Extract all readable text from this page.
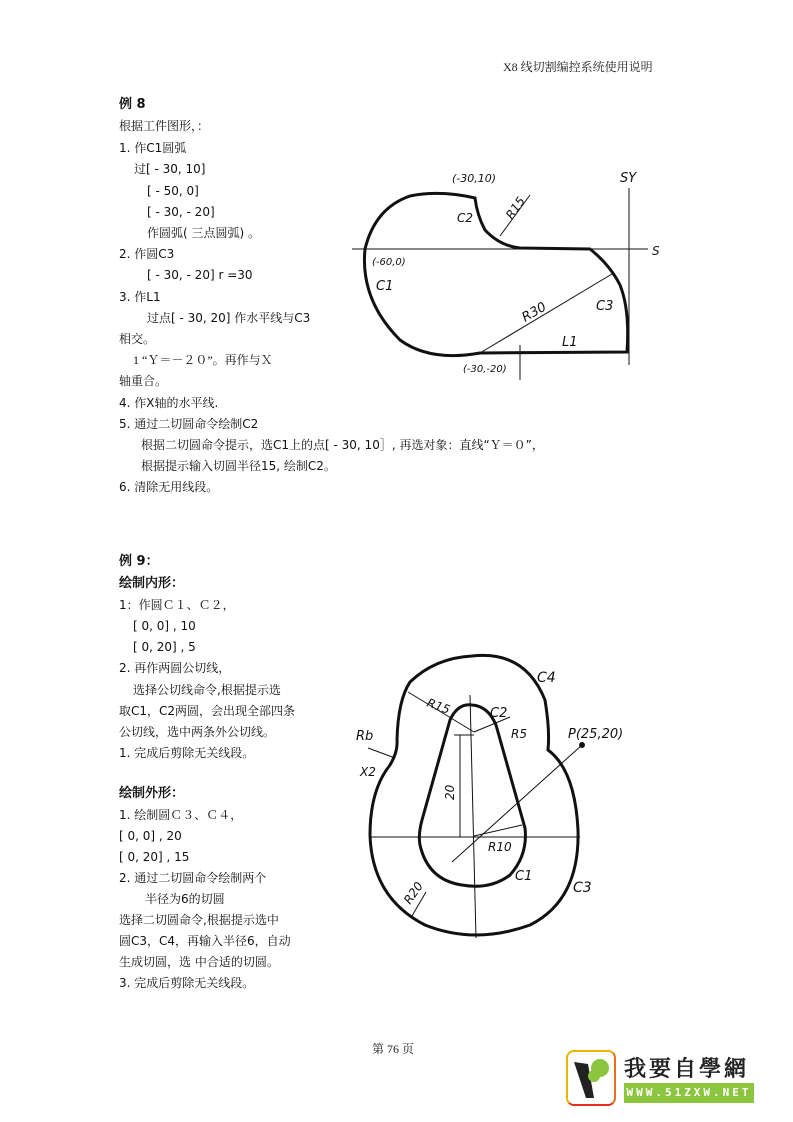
X8 线切割编控系统使用说明
例 8
根据工件图形，：
1. 作C1圆弧
过[ - 30, 10]
[ - 50, 0]
[ - 30, - 20]
作圆弧( 三点圆弧) 。
2. 作圆C3
[ - 30, - 20] r =30
3. 作L1
过点[ - 30, 20] 作水平线与C3
相交。
1 “Ｙ＝－２０”。再作与Ｘ
轴重合。
4. 作X轴的水平线.
5. 通过二切圆命令绘制C2
根据二切圆命令提示，选C1上的点[ - 30, 10］, 再选对象：直线“Ｙ＝０”，
根据提示输入切圆半径15, 绘制C2。
6. 清除无用线段。
(-30,10)
C2 R15
SY
S
(-60,0)
C1
R30	C3
L1
(-30,-20)
例 9：
绘制内形：
1：作圆Ｃ１、Ｃ２，
[ 0, 0] , 10
[ 0, 20] , 5
2. 再作两圆公切线，
选择公切线命令,根据提示选
取C1，C2两圆，会出现全部四条
公切线，选中两条外公切线。
1. 完成后剪除无关线段。
绘制外形：
1. 绘制圆Ｃ３、Ｃ４，
[ 0, 0] , 20
[ 0, 20] , 15
2. 通过二切圆命令绘制两个
半径为6的切圆
选择二切圆命令,根据提示选中
圆C3，C4，再输入半径6，自动
生成切圆，选 中合适的切圆。
3. 完成后剪除无关线段。
C4
R15	C2
R5
Rb
X2
P(25,20)
20
R10
C1
R20	C3
第 76 页
我要自學網
WWW.51ZXW.NET
